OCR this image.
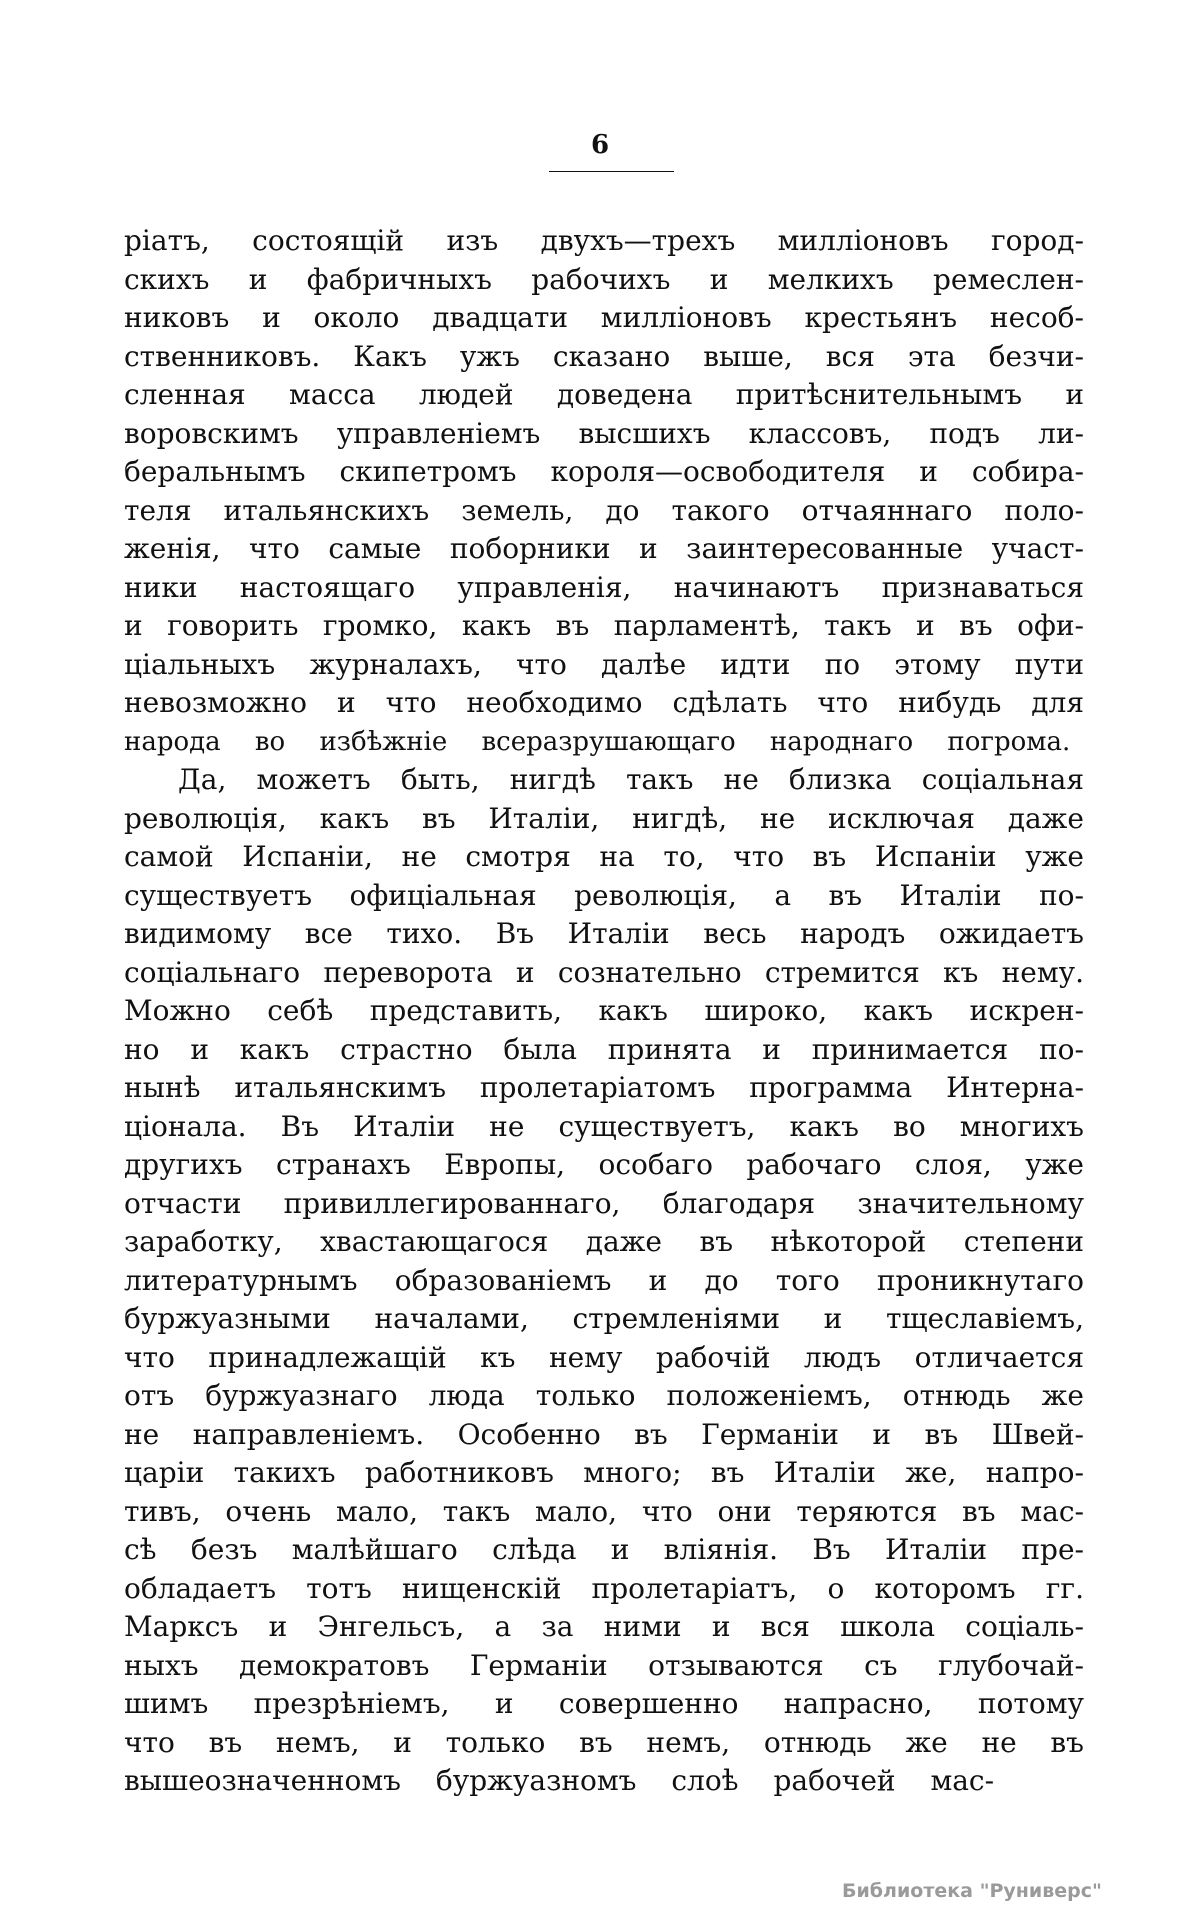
6
ріатъ, состоящій изъ двухъ—трехъ милліоновъ город-
скихъ и фабричныхъ рабочихъ и мелкихъ ремеслен-
никовъ и около двадцати милліоновъ крестьянъ несоб-
ственниковъ. Какъ ужъ сказано выше, вся эта безчи-
сленная масса людей доведена притѣснительнымъ и
воровскимъ управленіемъ высшихъ классовъ, подъ ли-
беральнымъ скипетромъ короля—освободителя и собира-
теля итальянскихъ земель, до такого отчаяннаго поло-
женія, что самые поборники и заинтересованные участ-
ники настоящаго управленія, начинаютъ признаваться
и говорить громко, какъ въ парламентѣ, такъ и въ офи-
ціальныхъ журналахъ, что далѣе идти по этому пути
невозможно и что необходимо сдѣлать что нибудь для
народа во избѣжніе всеразрушающаго народнаго погрома.
Да, можетъ быть, нигдѣ такъ не близка соціальная
революція, какъ въ Италіи, нигдѣ, не исключая даже
самой Испаніи, не смотря на то, что въ Испаніи уже
существуетъ офиціальная революція, а въ Италіи по-
видимому все тихо. Въ Италіи весь народъ ожидаетъ
соціальнаго переворота и сознательно стремится къ нему.
Можно себѣ представить, какъ широко, какъ искрен-
но и какъ страстно была принята и принимается по-
нынѣ итальянскимъ пролетаріатомъ программа Интерна-
ціонала. Въ Италіи не существуетъ, какъ во многихъ
другихъ странахъ Европы, особаго рабочаго слоя, уже
отчасти привиллегированнаго, благодаря значительному
заработку, хвастающагося даже въ нѣкоторой степени
литературнымъ образованіемъ и до того проникнутаго
буржуазными началами, стремленіями и тщеславіемъ,
что принадлежащій къ нему рабочій людъ отличается
отъ буржуазнаго люда только положеніемъ, отнюдь же
не направленіемъ. Особенно въ Германіи и въ Швей-
царіи такихъ работниковъ много; въ Италіи же, напро-
тивъ, очень мало, такъ мало, что они теряются въ мас-
сѣ безъ малѣйшаго слѣда и вліянія. Въ Италіи пре-
обладаетъ тотъ нищенскій пролетаріатъ, о которомъ гг.
Марксъ и Энгельсъ, а за ними и вся школа соціаль-
ныхъ демократовъ Германіи отзываются съ глубочай-
шимъ презрѣніемъ, и совершенно напрасно, потому
что въ немъ, и только въ немъ, отнюдь же не въ
вышеозначенномъ буржуазномъ слоѣ рабочей мас-
Библиотека "Руниверс"
